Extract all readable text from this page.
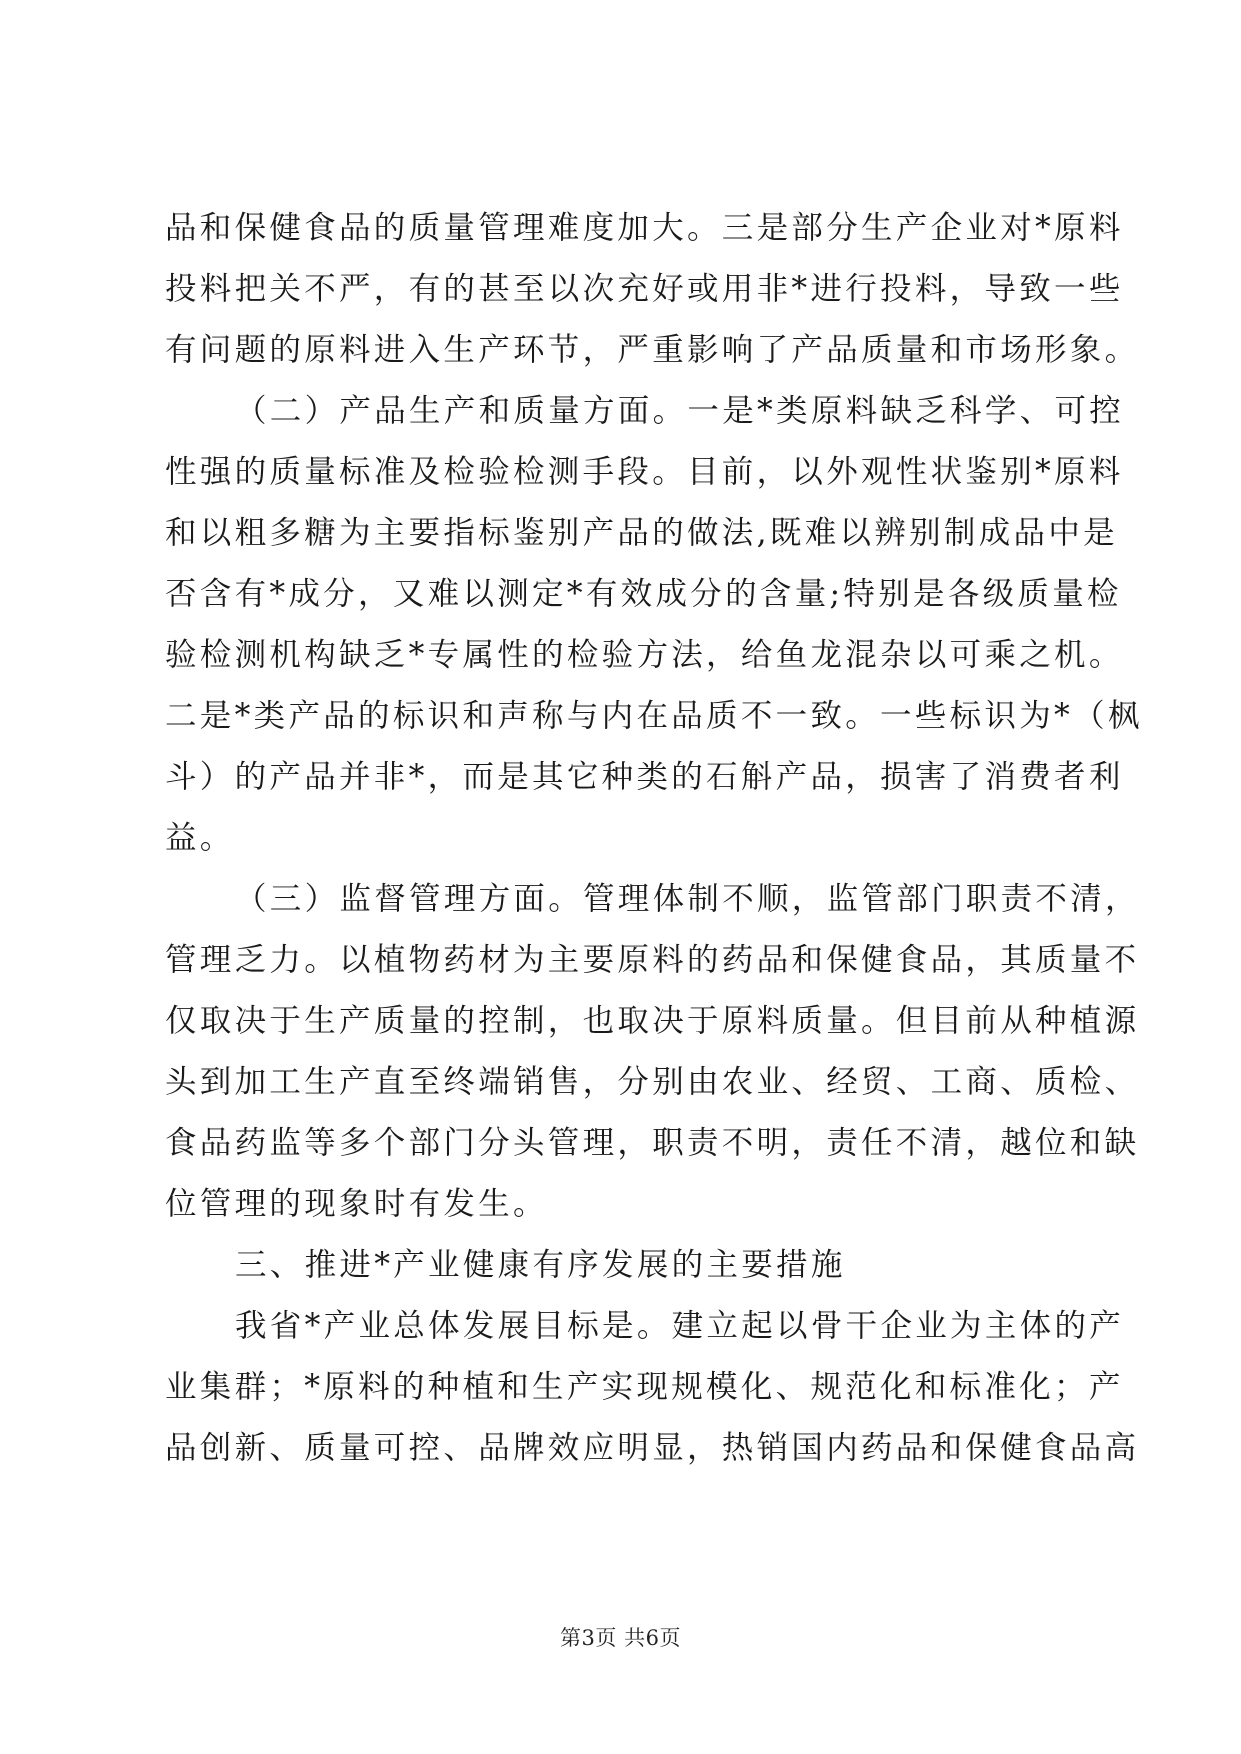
品和保健食品的质量管理难度加大。三是部分生产企业对*原料
投料把关不严，有的甚至以次充好或用非*进行投料，导致一些
有问题的原料进入生产环节，严重影响了产品质量和市场形象。
（二）产品生产和质量方面。一是*类原料缺乏科学、可控
性强的质量标准及检验检测手段。目前，以外观性状鉴别*原料
和以粗多糖为主要指标鉴别产品的做法,既难以辨别制成品中是
否含有*成分，又难以测定*有效成分的含量;特别是各级质量检
验检测机构缺乏*专属性的检验方法，给鱼龙混杂以可乘之机。
二是*类产品的标识和声称与内在品质不一致。一些标识为*（枫
斗）的产品并非*，而是其它种类的石斛产品，损害了消费者利
益。
（三）监督管理方面。管理体制不顺，监管部门职责不清，
管理乏力。以植物药材为主要原料的药品和保健食品，其质量不
仅取决于生产质量的控制，也取决于原料质量。但目前从种植源
头到加工生产直至终端销售，分别由农业、经贸、工商、质检、
食品药监等多个部门分头管理，职责不明，责任不清，越位和缺
位管理的现象时有发生。
三、推进*产业健康有序发展的主要措施
我省*产业总体发展目标是。建立起以骨干企业为主体的产
业集群；*原料的种植和生产实现规模化、规范化和标准化；产
品创新、质量可控、品牌效应明显，热销国内药品和保健食品高
第3页 共6页
